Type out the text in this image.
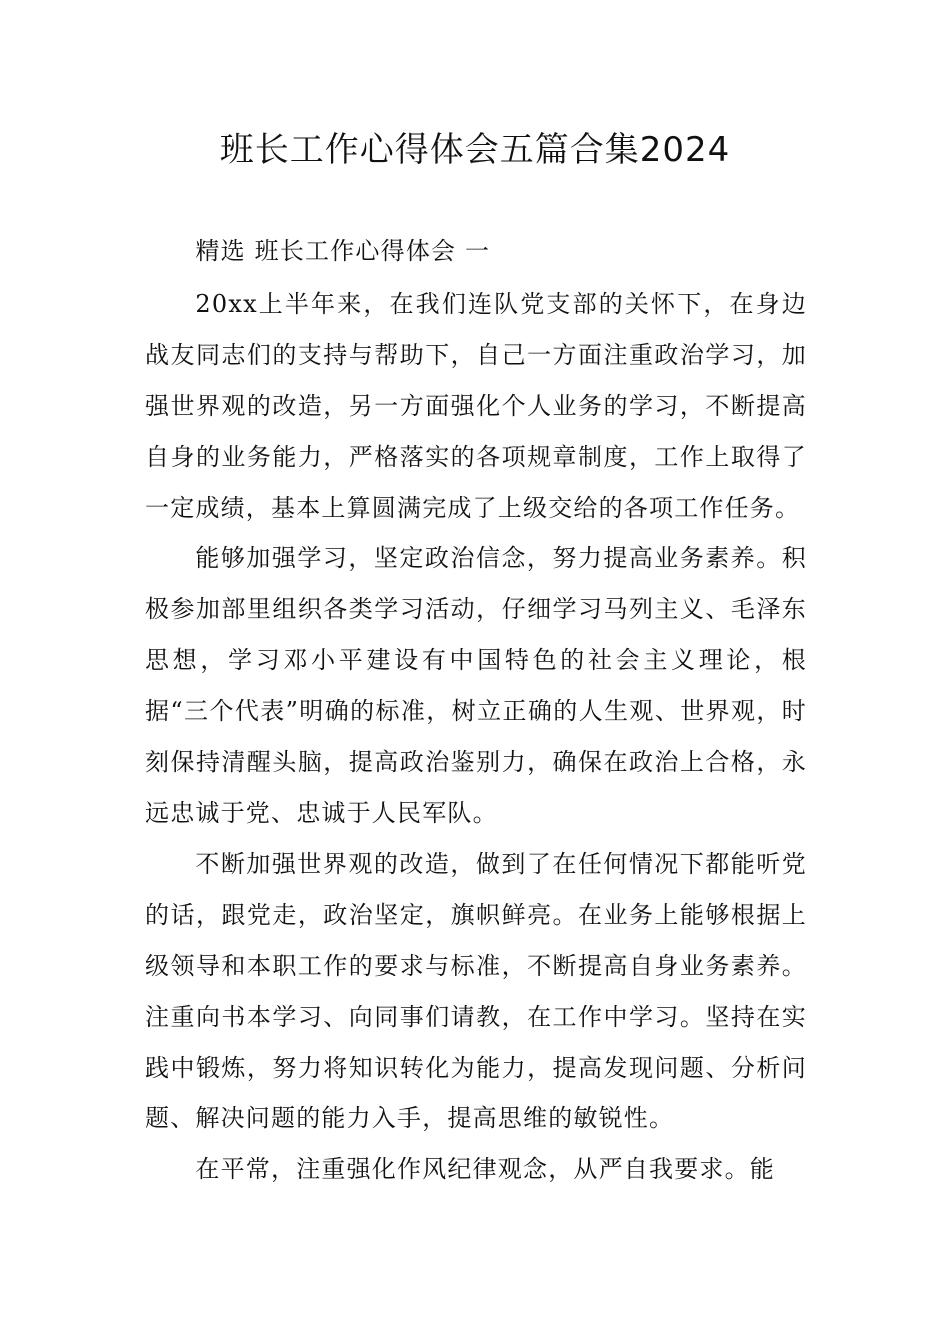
班长工作心得体会五篇合集2024

精选 班长工作心得体会 一

20xx上半年来，在我们连队党支部的关怀下，在身边战友同志们的支持与帮助下，自己一方面注重政治学习，加强世界观的改造，另一方面强化个人业务的学习，不断提高自身的业务能力，严格落实的各项规章制度，工作上取得了一定成绩，基本上算圆满完成了上级交给的各项工作任务。

能够加强学习，坚定政治信念，努力提高业务素养。积极参加部里组织各类学习活动，仔细学习马列主义、毛泽东思想，学习邓小平建设有中国特色的社会主义理论，根据“三个代表”明确的标准，树立正确的人生观、世界观，时刻保持清醒头脑，提高政治鉴别力，确保在政治上合格，永远忠诚于党、忠诚于人民军队。

不断加强世界观的改造，做到了在任何情况下都能听党的话，跟党走，政治坚定，旗帜鲜亮。在业务上能够根据上级领导和本职工作的要求与标准，不断提高自身业务素养。注重向书本学习、向同事们请教，在工作中学习。坚持在实践中锻炼，努力将知识转化为能力，提高发现问题、分析问题、解决问题的能力入手，提高思维的敏锐性。

在平常，注重强化作风纪律观念，从严自我要求。能
